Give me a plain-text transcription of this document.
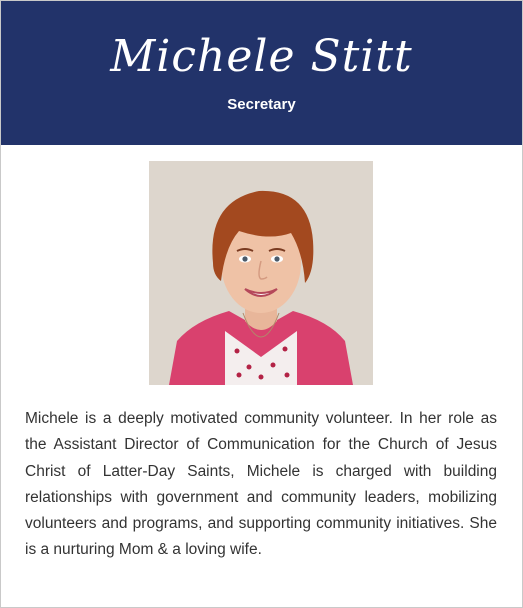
Michele Stitt
Secretary
Michele is a deeply motivated community volunteer. In her role as the Assistant Director of Communication for the Church of Jesus Christ of Latter-Day Saints, Michele is charged with building relationships with government and community leaders, mobilizing volunteers and programs, and supporting community initiatives. She is a nurturing Mom & a loving wife.
